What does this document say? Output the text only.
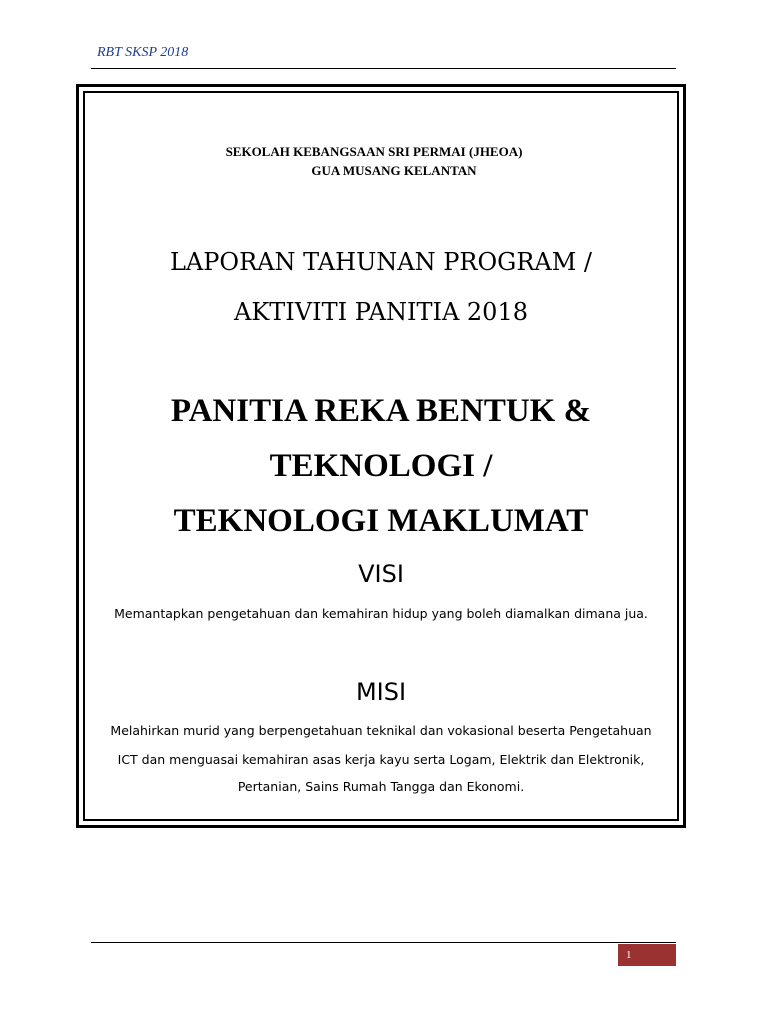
RBT SKSP 2018
SEKOLAH KEBANGSAAN SRI PERMAI (JHEOA)
GUA MUSANG KELANTAN
LAPORAN TAHUNAN PROGRAM /
AKTIVITI PANITIA 2018
PANITIA REKA BENTUK &
TEKNOLOGI /
TEKNOLOGI MAKLUMAT
VISI
Memantapkan pengetahuan dan kemahiran hidup yang boleh diamalkan dimana jua.
MISI
Melahirkan murid yang berpengetahuan teknikal dan vokasional beserta Pengetahuan
ICT dan menguasai kemahiran asas kerja kayu serta Logam, Elektrik dan Elektronik,
Pertanian, Sains Rumah Tangga dan Ekonomi.
1
